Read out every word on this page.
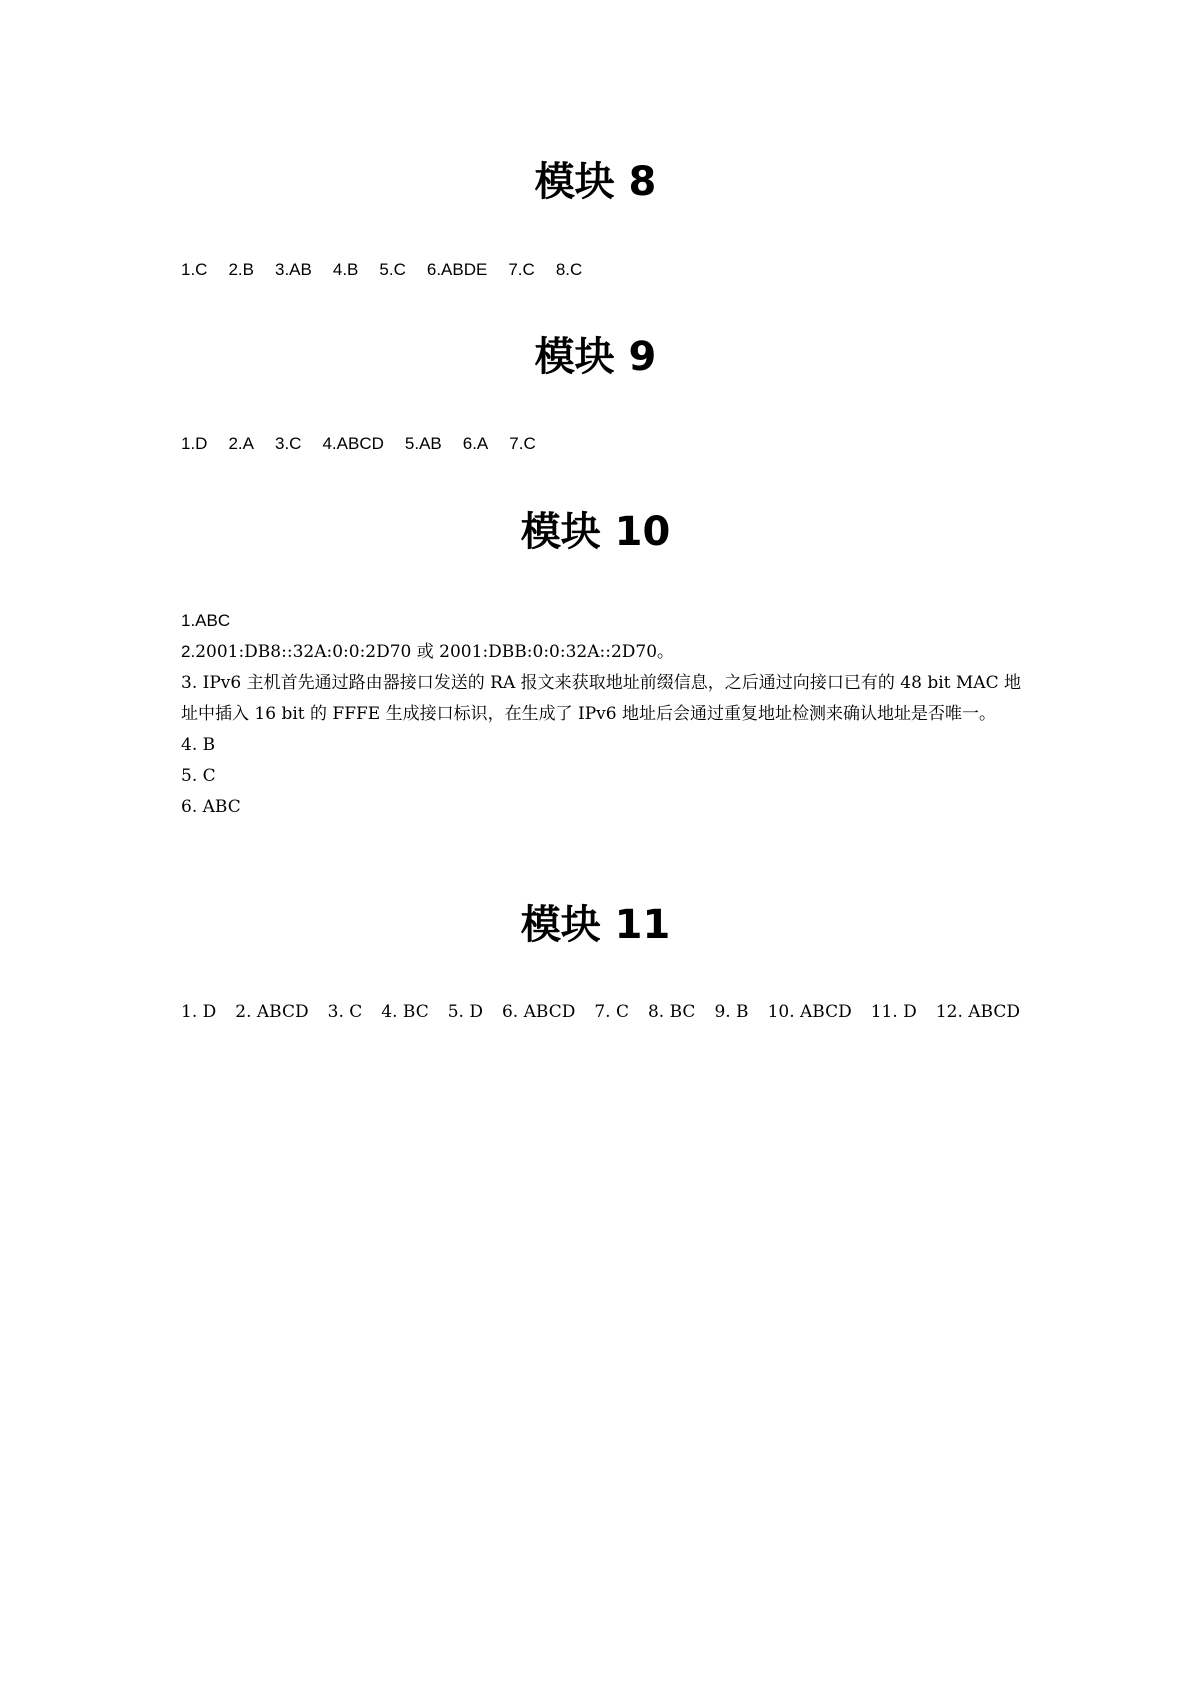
模块 8
1.C 2.B 3.AB 4.B 5.C 6.ABDE 7.C 8.C
模块 9
1.D 2.A 3.C 4.ABCD 5.AB 6.A 7.C
模块 10
1.ABC
2.2001:DB8::32A:0:0:2D70 或 2001:DBB:0:0:32A::2D70。
3. IPv6 主机首先通过路由器接口发送的 RA 报文来获取地址前缀信息，之后通过向接口已有的 48 bit MAC 地址中插入 16 bit 的 FFFE 生成接口标识，在生成了 IPv6 地址后会通过重复地址检测来确认地址是否唯一。
4. B
5. C
6. ABC
模块 11
1. D 2. ABCD 3. C 4. BC 5. D 6. ABCD 7. C 8. BC 9. B 10. ABCD 11. D 12. ABCD
